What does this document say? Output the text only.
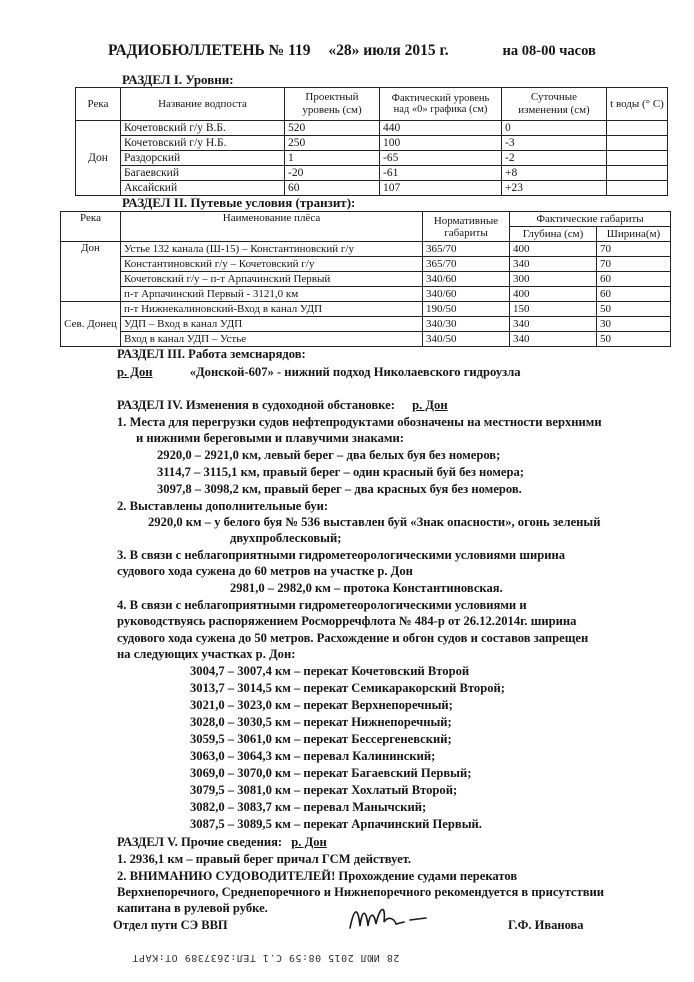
РАДИОБЮЛЛЕТЕНЬ № 119 «28» июля 2015 г.	на 08-00 часов
РАЗДЕЛ I. Уровни:
Река	Название водпоста	Проектный уровень (см)	Фактический уровень над «0» графика (см)	Суточные изменения (см)	t воды (° C)
Дон	Кочетовский г/у В.Б.	520	440	0	
	Кочетовский г/у Н.Б.	250	100	-3	
	Раздорский	1	-65	-2	
	Багаевский	-20	-61	+8	
	Аксайский	60	107	+23	
РАЗДЕЛ II. Путевые условия (транзит):
Река	Наименование плёса	Нормативные габариты	Фактические габариты	
			Глубина (см)	Ширина(м)
Дон	Устье 132 канала (Ш-15) – Константиновский г/у	365/70	400	70
	Константиновский г/у – Кочетовский г/у	365/70	340	70
	Кочетовский г/у – п-т Арпачинский Первый	340/60	300	60
	п-т Арпачинский Первый - 3121,0 км	340/60	400	60
Сев. Донец	п-т Нижнекалиновский-Вход в канал УДП	190/50	150	50
	УДП – Вход в канал УДП	340/30	340	30
	Вход в канал УДП – Устье	340/50	340	50
РАЗДЕЛ III. Работа земснарядов:
р. Дон	«Донской-607» - нижний подход Николаевского гидроузла
РАЗДЕЛ IV. Изменения в судоходной обстановке: р. Дон
1. Места для перегрузки судов нефтепродуктами обозначены на местности верхними
и нижними береговыми и плавучими знаками:
2920,0 – 2921,0 км, левый берег – два белых буя без номеров;
3114,7 – 3115,1 км, правый берег – один красный буй без номера;
3097,8 – 3098,2 км, правый берег – два красных буя без номеров.
2. Выставлены дополнительные буи:
2920,0 км – у белого буя № 536 выставлен буй «Знак опасности», огонь зеленый
двухпроблесковый;
3. В связи с неблагоприятными гидрометеорологическими условиями ширина
судового хода сужена до 60 метров на участке р. Дон
2981,0 – 2982,0 км – протока Константиновская.
4. В связи с неблагоприятными гидрометеорологическими условиями и
руководствуясь распоряжением Росморречфлота № 484-р от 26.12.2014г. ширина
судового хода сужена до 50 метров. Расхождение и обгон судов и составов запрещен
на следующих участках р. Дон:
3004,7 – 3007,4 км – перекат Кочетовский Второй
3013,7 – 3014,5 км – перекат Семикаракорский Второй;
3021,0 – 3023,0 км – перекат Верхнепоречный;
3028,0 – 3030,5 км – перекат Нижнепоречный;
3059,5 – 3061,0 км – перекат Бессергеневский;
3063,0 – 3064,3 км – перевал Калининский;
3069,0 – 3070,0 км – перекат Багаевский Первый;
3079,5 – 3081,0 км – перекат Хохлатый Второй;
3082,0 – 3083,7 км – перевал Манычский;
3087,5 – 3089,5 км – перекат Арпачинский Первый.
РАЗДЕЛ V. Прочие сведения: р. Дон
1. 2936,1 км – правый берег причал ГСМ действует.
2. ВНИМАНИЮ СУДОВОДИТЕЛЕЙ! Прохождение судами перекатов
Верхнепоречного, Среднепоречного и Нижнепоречного рекомендуется в присутствии
капитана в рулевой рубке.
Отдел пути СЭ ВВП	Г.Ф. Иванова
28 ИЮЛ 2015 08:59 С.1 ТЕЛ:2637389 ОТ:КАРТ
